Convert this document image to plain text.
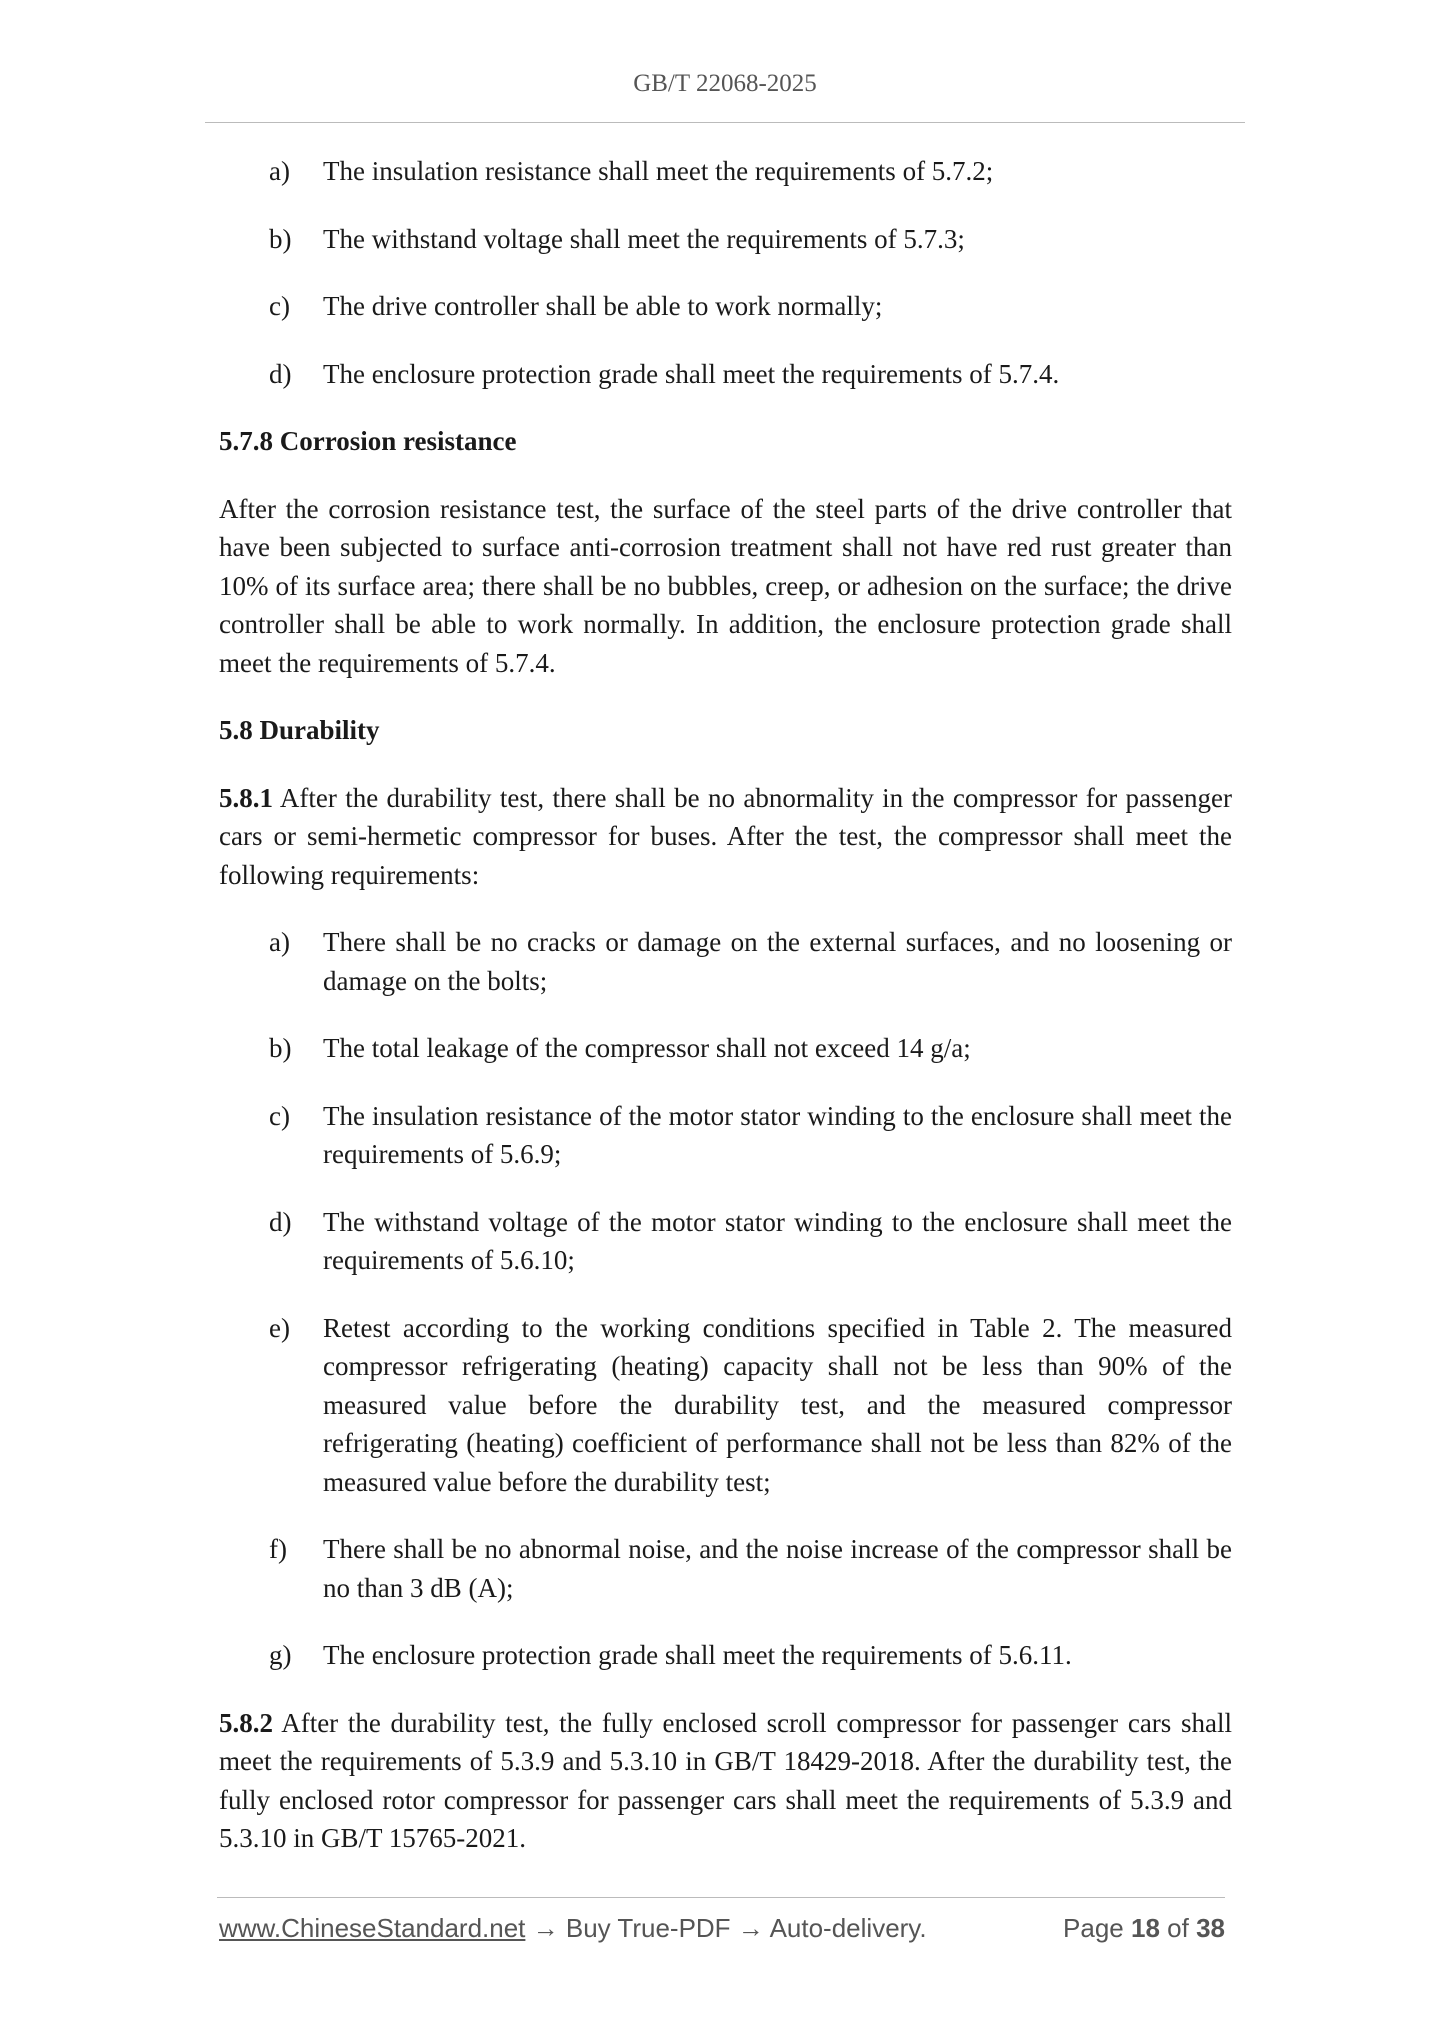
GB/T 22068-2025
a) The insulation resistance shall meet the requirements of 5.7.2;
b) The withstand voltage shall meet the requirements of 5.7.3;
c) The drive controller shall be able to work normally;
d) The enclosure protection grade shall meet the requirements of 5.7.4.
5.7.8 Corrosion resistance
After the corrosion resistance test, the surface of the steel parts of the drive controller that have been subjected to surface anti-corrosion treatment shall not have red rust greater than 10% of its surface area; there shall be no bubbles, creep, or adhesion on the surface; the drive controller shall be able to work normally. In addition, the enclosure protection grade shall meet the requirements of 5.7.4.
5.8 Durability
5.8.1 After the durability test, there shall be no abnormality in the compressor for passenger cars or semi-hermetic compressor for buses. After the test, the compressor shall meet the following requirements:
a) There shall be no cracks or damage on the external surfaces, and no loosening or damage on the bolts;
b) The total leakage of the compressor shall not exceed 14 g/a;
c) The insulation resistance of the motor stator winding to the enclosure shall meet the requirements of 5.6.9;
d) The withstand voltage of the motor stator winding to the enclosure shall meet the requirements of 5.6.10;
e) Retest according to the working conditions specified in Table 2. The measured compressor refrigerating (heating) capacity shall not be less than 90% of the measured value before the durability test, and the measured compressor refrigerating (heating) coefficient of performance shall not be less than 82% of the measured value before the durability test;
f) There shall be no abnormal noise, and the noise increase of the compressor shall be no than 3 dB (A);
g) The enclosure protection grade shall meet the requirements of 5.6.11.
5.8.2 After the durability test, the fully enclosed scroll compressor for passenger cars shall meet the requirements of 5.3.9 and 5.3.10 in GB/T 18429-2018. After the durability test, the fully enclosed rotor compressor for passenger cars shall meet the requirements of 5.3.9 and 5.3.10 in GB/T 15765-2021.
www.ChineseStandard.net → Buy True-PDF → Auto-delivery.	Page 18 of 38
